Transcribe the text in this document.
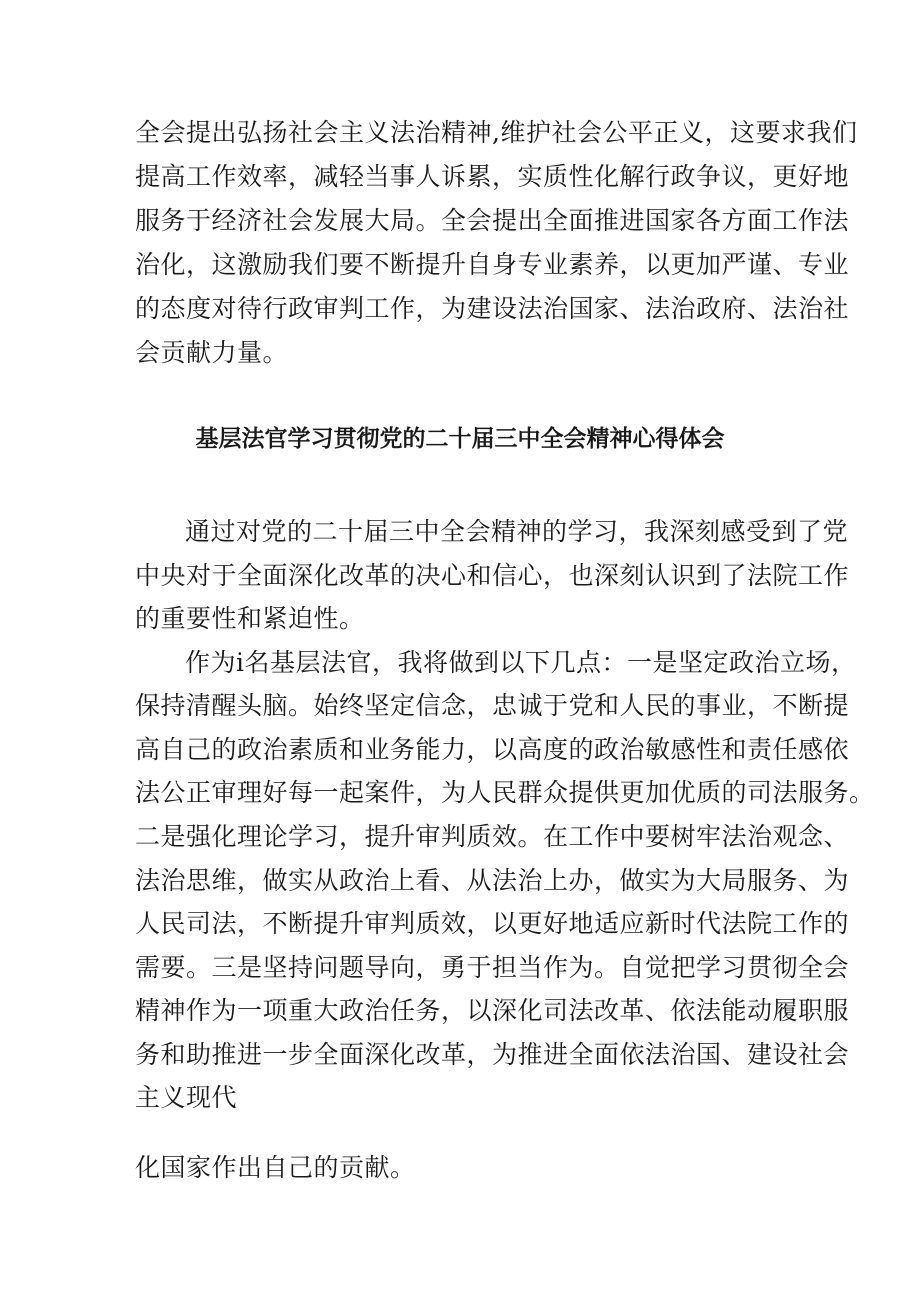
全会提出弘扬社会主义法治精神,维护社会公平正义，这要求我们
提高工作效率，减轻当事人诉累，实质性化解行政争议，更好地
服务于经济社会发展大局。全会提出全面推进国家各方面工作法
治化，这激励我们要不断提升自身专业素养，以更加严谨、专业
的态度对待行政审判工作，为建设法治国家、法治政府、法治社
会贡献力量。
基层法官学习贯彻党的二十届三中全会精神心得体会
通过对党的二十届三中全会精神的学习，我深刻感受到了党
中央对于全面深化改革的决心和信心，也深刻认识到了法院工作
的重要性和紧迫性。
作为i名基层法官，我将做到以下几点：一是坚定政治立场，
保持清醒头脑。始终坚定信念，忠诚于党和人民的事业，不断提
高自己的政治素质和业务能力，以高度的政治敏感性和责任感依
法公正审理好每一起案件，为人民群众提供更加优质的司法服务。
二是强化理论学习，提升审判质效。在工作中要树牢法治观念、
法治思维，做实从政治上看、从法治上办，做实为大局服务、为
人民司法，不断提升审判质效，以更好地适应新时代法院工作的
需要。三是坚持问题导向，勇于担当作为。自觉把学习贯彻全会
精神作为一项重大政治任务，以深化司法改革、依法能动履职服
务和助推进一步全面深化改革，为推进全面依法治国、建设社会
主义现代
化国家作出自己的贡献。
